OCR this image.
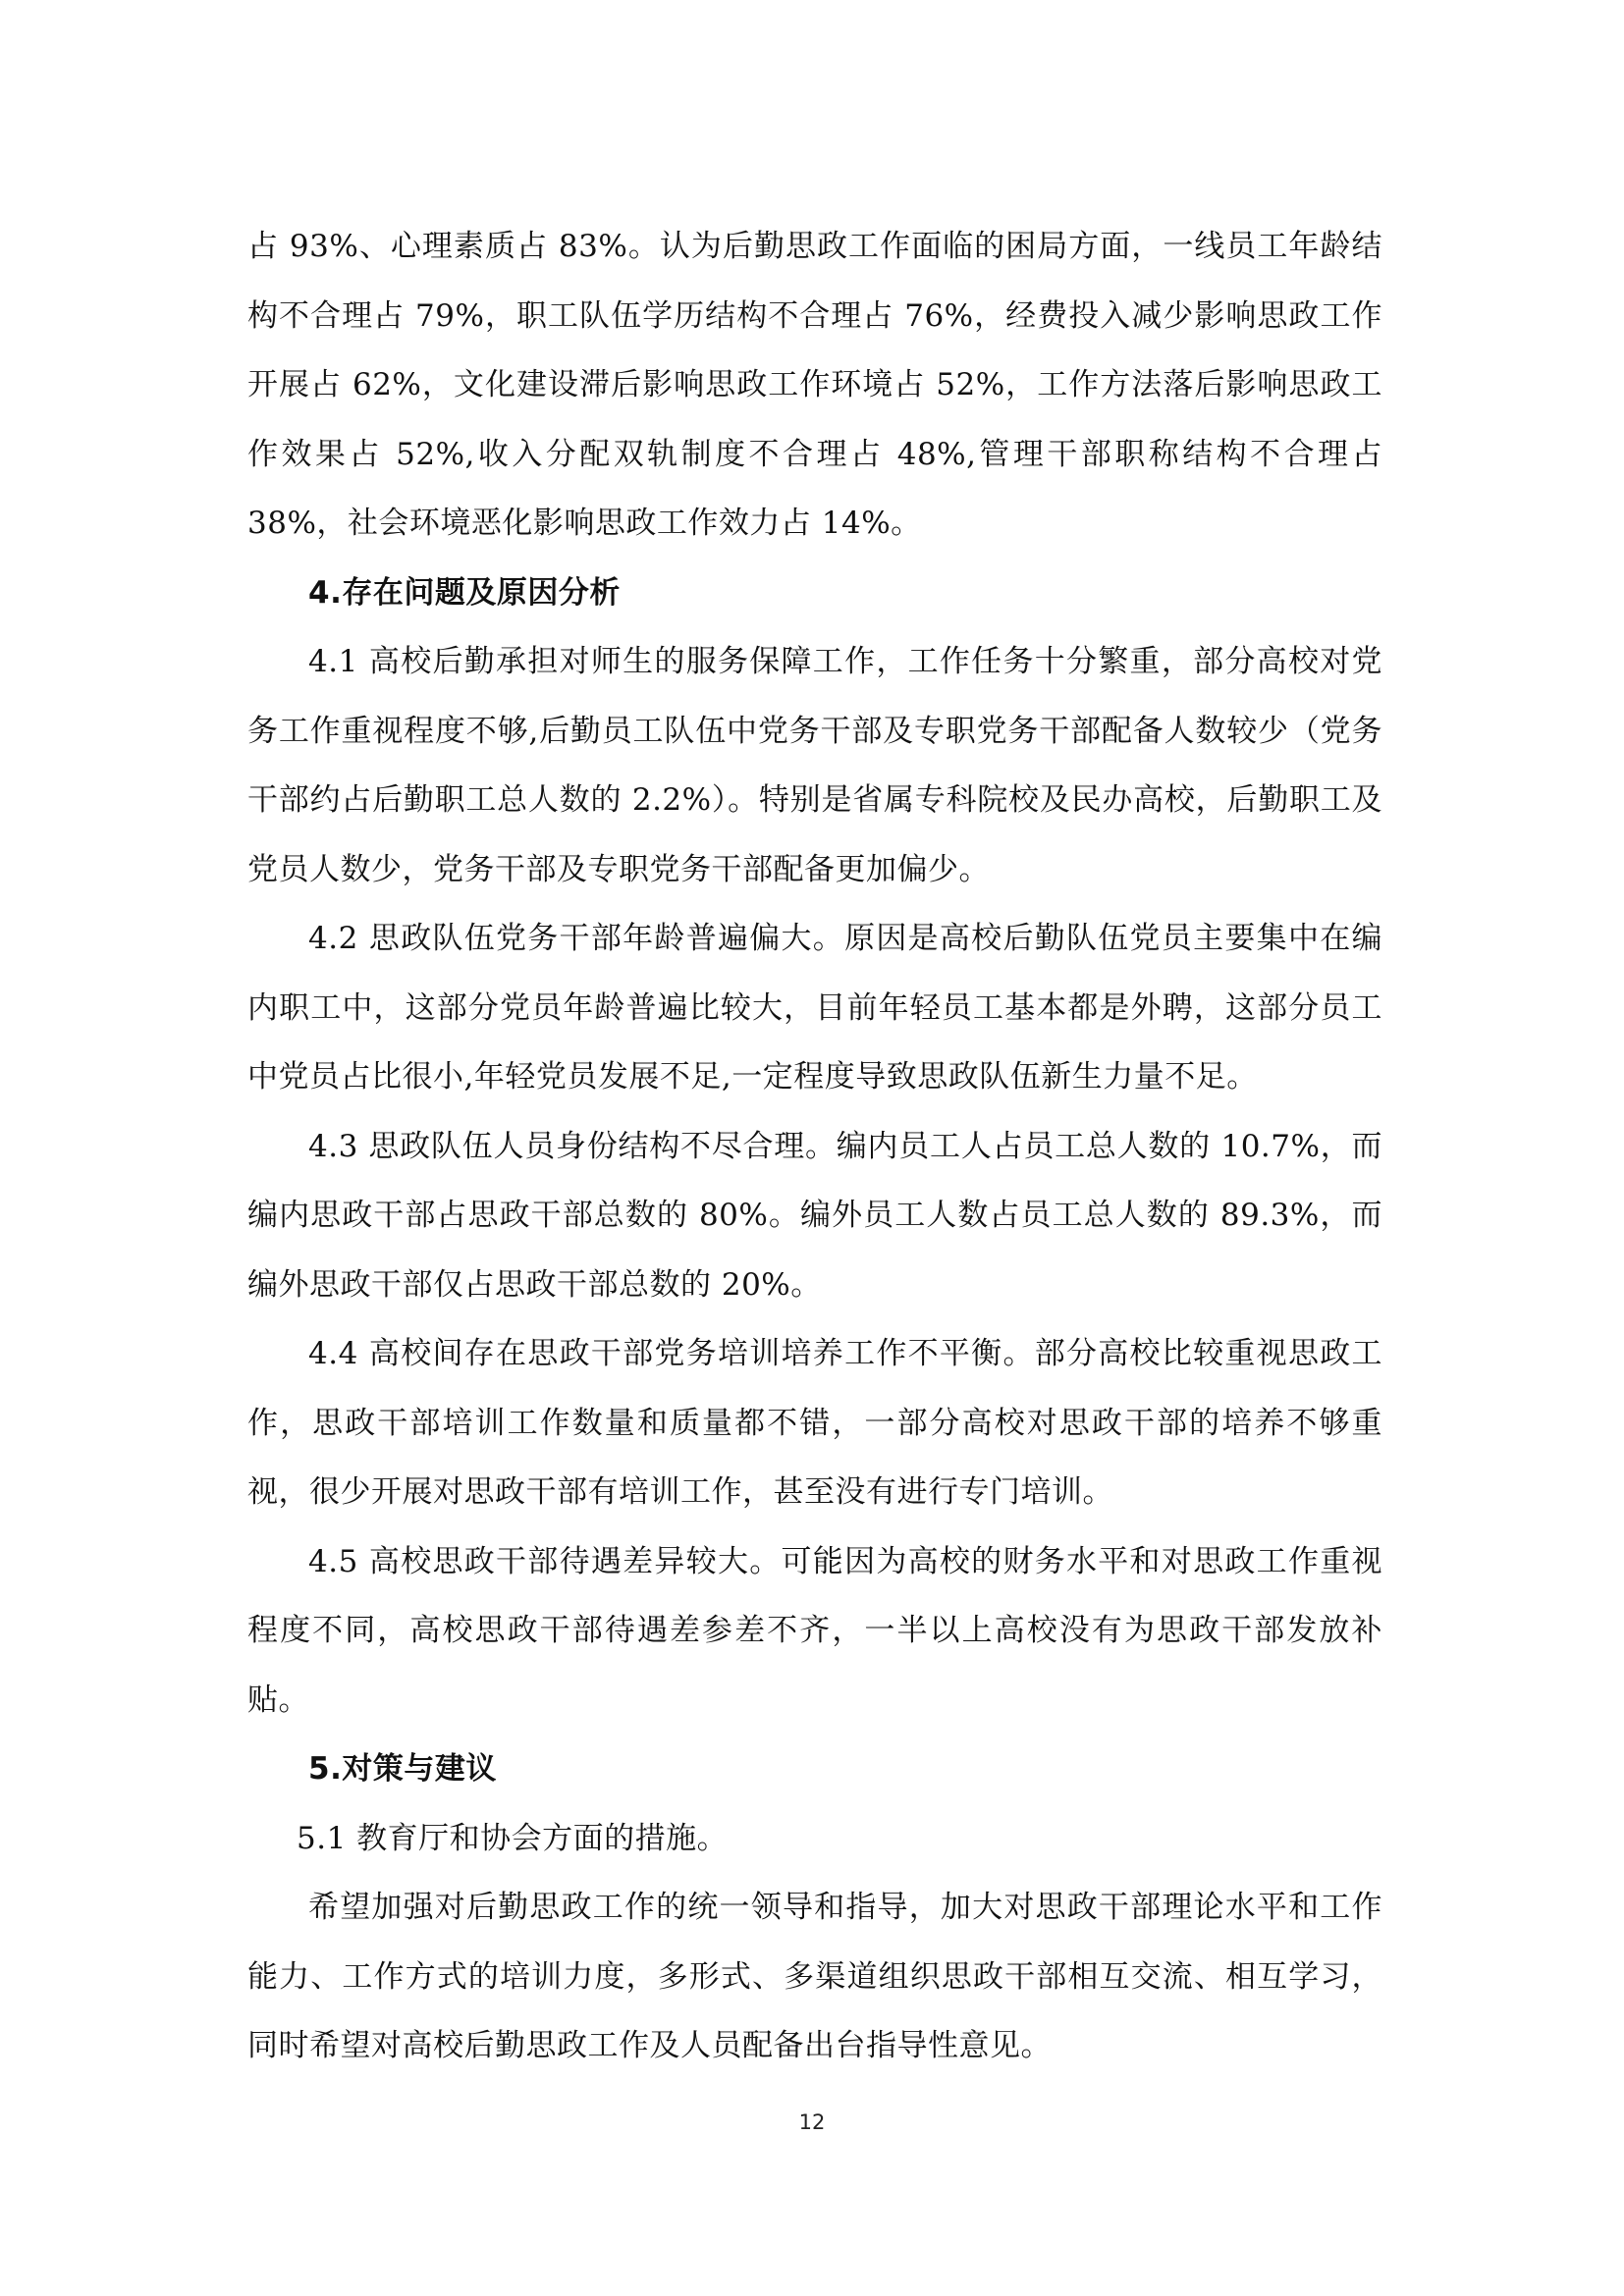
占 93%、心理素质占 83%。认为后勤思政工作面临的困局方面，一线员工年龄结构不合理占 79%，职工队伍学历结构不合理占 76%，经费投入减少影响思政工作开展占 62%，文化建设滞后影响思政工作环境占 52%，工作方法落后影响思政工作效果占 52%,收入分配双轨制度不合理占 48%,管理干部职称结构不合理占 38%，社会环境恶化影响思政工作效力占 14%。

4.存在问题及原因分析

4.1 高校后勤承担对师生的服务保障工作，工作任务十分繁重，部分高校对党务工作重视程度不够,后勤员工队伍中党务干部及专职党务干部配备人数较少（党务干部约占后勤职工总人数的 2.2%）。特别是省属专科院校及民办高校，后勤职工及党员人数少，党务干部及专职党务干部配备更加偏少。

4.2 思政队伍党务干部年龄普遍偏大。原因是高校后勤队伍党员主要集中在编内职工中，这部分党员年龄普遍比较大，目前年轻员工基本都是外聘，这部分员工中党员占比很小,年轻党员发展不足,一定程度导致思政队伍新生力量不足。

4.3 思政队伍人员身份结构不尽合理。编内员工人占员工总人数的 10.7%，而编内思政干部占思政干部总数的 80%。编外员工人数占员工总人数的 89.3%，而编外思政干部仅占思政干部总数的 20%。

4.4 高校间存在思政干部党务培训培养工作不平衡。部分高校比较重视思政工作，思政干部培训工作数量和质量都不错，一部分高校对思政干部的培养不够重视，很少开展对思政干部有培训工作，甚至没有进行专门培训。

4.5 高校思政干部待遇差异较大。可能因为高校的财务水平和对思政工作重视程度不同，高校思政干部待遇差参差不齐，一半以上高校没有为思政干部发放补贴。

5.对策与建议

5.1 教育厅和协会方面的措施。

希望加强对后勤思政工作的统一领导和指导，加大对思政干部理论水平和工作能力、工作方式的培训力度，多形式、多渠道组织思政干部相互交流、相互学习，同时希望对高校后勤思政工作及人员配备出台指导性意见。

12
